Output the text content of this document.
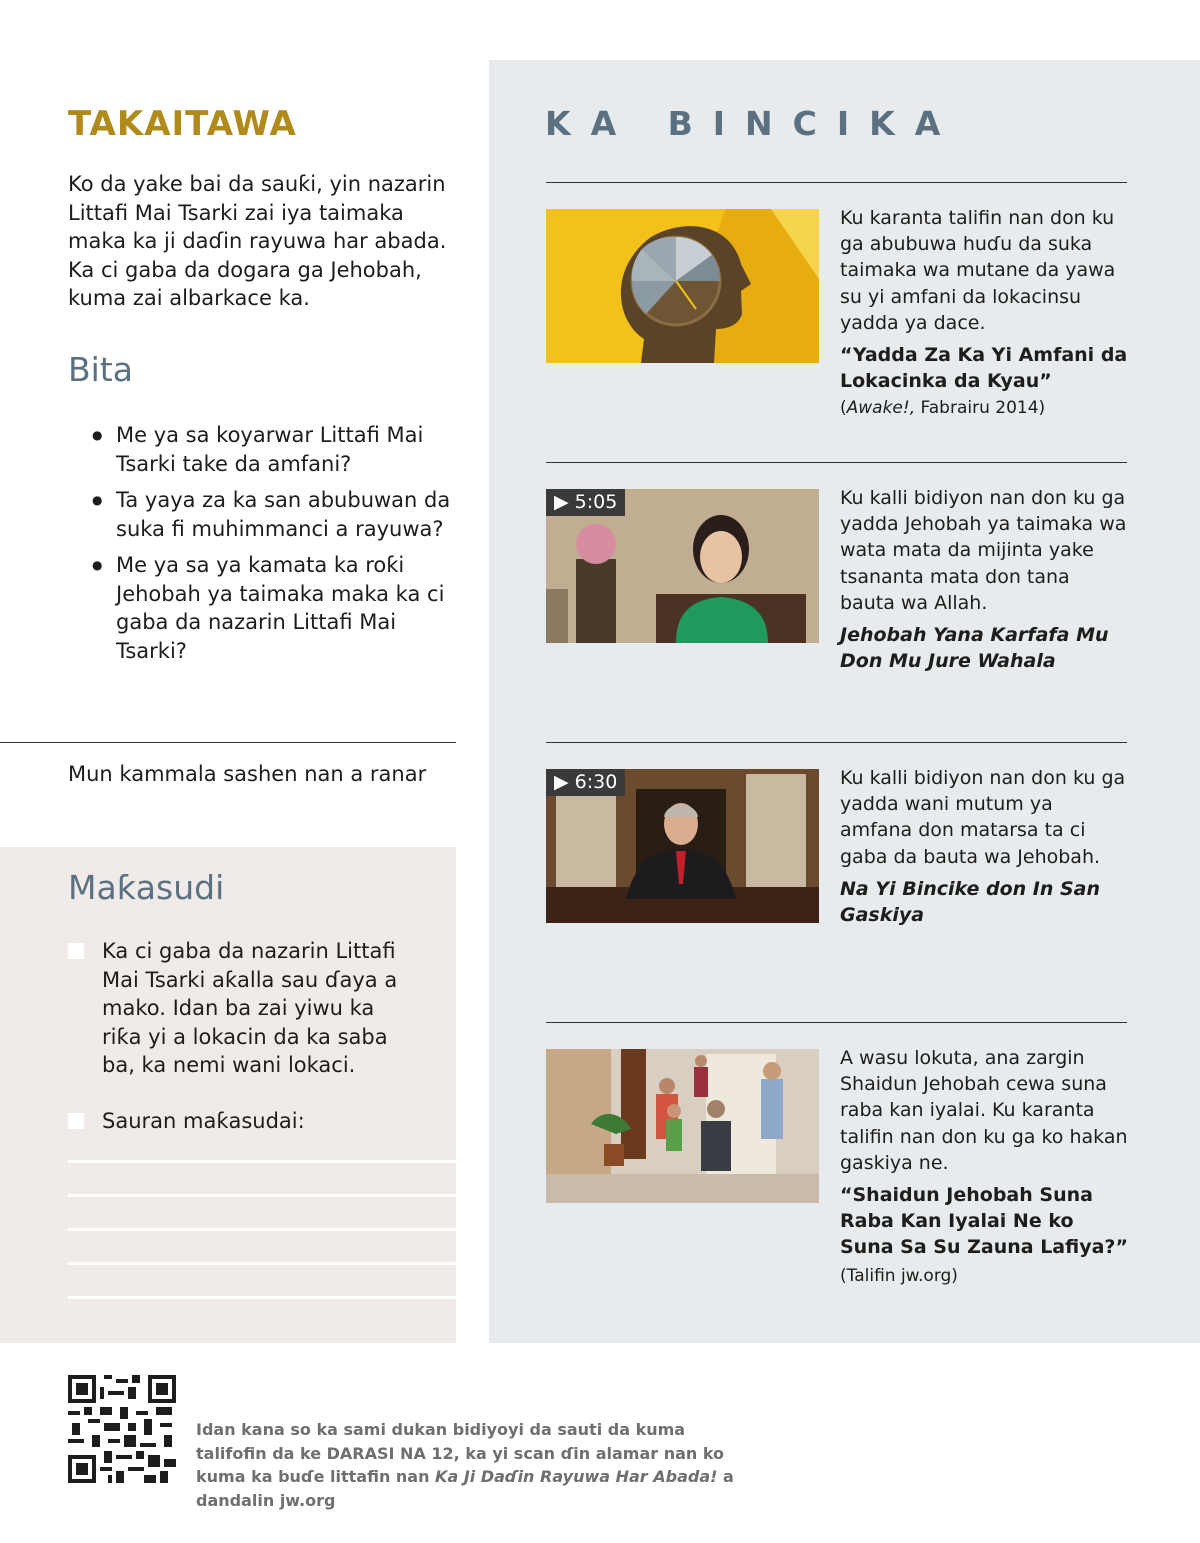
TAKAITAWA

Ko da yake bai da sauƙi, yin nazarin Littafi Mai Tsarki zai iya taimaka maka ka ji daɗin rayuwa har abada. Ka ci gaba da dogara ga Jehobah, kuma zai albarkace ka.

Bita
● Me ya sa koyarwar Littafi Mai Tsarki take da amfani?
● Ta yaya za ka san abubuwan da suka fi muhimmanci a rayuwa?
● Me ya sa ya kamata ka roƙi Jehobah ya taimaka maka ka ci gaba da nazarin Littafi Mai Tsarki?
Mun kammala sashen nan a ranar
Maƙasudi
Ka ci gaba da nazarin Littafi Mai Tsarki aƙalla sau ɗaya a mako. Idan ba zai yiwu ka riƙa yi a lokacin da ka saba ba, ka nemi wani lokaci.
Sauran maƙasudai:
KA BINCIKA

Ku karanta talifin nan don ku ga abubuwa huɗu da suka taimaka wa mutane da yawa su yi amfani da lokacinsu yadda ya dace.

“Yadda Za Ka Yi Amfani da Lokacinka da Kyau”
(Awake!, Fabrairu 2014)

▶ 5:05	Ku kalli bidiyon nan don ku ga yadda Jehobah ya taimaka wa wata mata da mijinta yake tsananta mata don tana bauta wa Allah.

Jehobah Yana Karfafa Mu Don Mu Jure Wahala

▶ 6:30	Ku kalli bidiyon nan don ku ga yadda wani mutum ya amfana don matarsa ta ci gaba da bauta wa Jehobah.

Na Yi Bincike don In San Gaskiya

A wasu lokuta, ana zargin Shaidun Jehobah cewa suna raba kan iyalai. Ku karanta talifin nan don ku ga ko hakan gaskiya ne.

“Shaidun Jehobah Suna Raba Kan Iyalai Ne ko Suna Sa Su Zauna Lafiya?” (Talifin jw.org)

Idan kana so ka sami dukan bidiyoyi da sauti da kuma talifofin da ke DARASI NA 12, ka yi scan ɗin alamar nan ko kuma ka buɗe littafin nan Ka Ji Daɗin Rayuwa Har Abada! a dandalin jw.org
